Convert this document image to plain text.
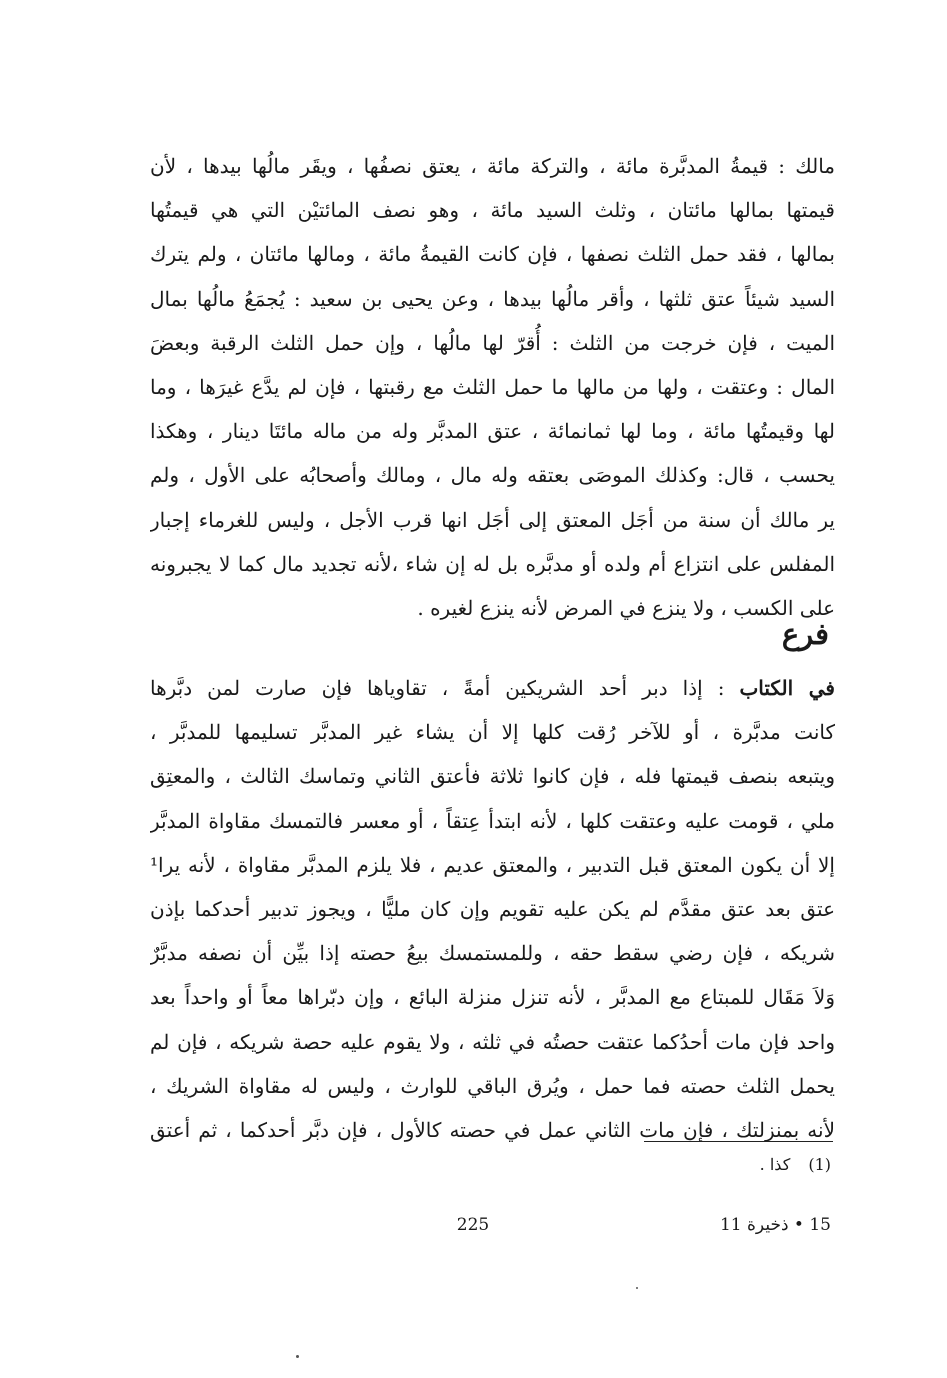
مالك : قيمةُ المدبَّرة مائة ، والتركة مائة ، يعتق نصفُها ، ويقَر مالُها بيدها ، لأن
قيمتها بمالها مائتان ، وثلث السيد مائة ، وهو نصف المائتيْن التي هي قيمتُها
بمالها ، فقد حمل الثلث نصفها ، فإن كانت القيمةُ مائة ، ومالها مائتان ، ولم يترك
السيد شيئاً عتق ثلثها ، وأقر مالُها بيدها ، وعن يحيى بن سعيد : يُجمَعُ مالُها بمال
الميت ، فإن خرجت من الثلث : أُقرّ لها مالُها ، وإن حمل الثلث الرقبة وبعضَ
المال : وعتقت ، ولها من مالها ما حمل الثلث مع رقبتها ، فإن لم يدَّع غيرَها ، وما
لها وقيمتُها مائة ، وما لها ثمانمائة ، عتق المدبَّر وله من ماله مائتَا دينار ، وهكذا
يحسب ، قال: وكذلك الموصَى بعتقه وله مال ، ومالك وأصحابُه على الأول ، ولم
ير مالك أن سنة من أجَل المعتق إلى أجَل انها قرب الأجل ، وليس للغرماء إجبار
المفلس على انتزاع أم ولده أو مدبَّره بل له إن شاء ،لأنه تجديد مال كما لا يجبرونه
على الكسب ، ولا ينزع في المرض لأنه ينزع لغيره .
فرع
في الكتاب : إذا دبر أحد الشريكين أمةً ، تقاوياها فإن صارت لمن دبَّرها
كانت مدبَّرة ، أو للآخر رُقت كلها إلا أن يشاء غير المدبَّر تسليمها للمدبَّر ،
ويتبعه بنصف قيمتها فله ، فإن كانوا ثلاثة فأعتق الثاني وتماسك الثالث ، والمعتِق
ملي ، قومت عليه وعتقت كلها ، لأنه ابتدأ عِتقاً ، أو معسر فالتمسك مقاواة المدبَّر
إلا أن يكون المعتق قبل التدبير ، والمعتق عديم ، فلا يلزم المدبَّر مقاواة ، لأنه يرا¹
عتق بعد عتق مقدَّم لم يكن عليه تقويم وإن كان مليًّا ، ويجوز تدبير أحدكما بإذن
شريكه ، فإن رضي سقط حقه ، وللمستمسك بيعُ حصته إذا بيِّن أن نصفه مدبَّرٌ
وَلاَ مَقَال للمبتاع مع المدبَّر ، لأنه تنزل منزلة البائع ، وإن دبّراها معاً أو واحداً بعد
واحد فإن مات أحدُكما عتقت حصتُه في ثلثه ، ولا يقوم عليه حصة شريكه ، فإن لم
يحمل الثلث حصته فما حمل ، ويُرق الباقي للوارث ، وليس له مقاواة الشريك ،
لأنه بمنزلتك ، فإن مات الثاني عمل في حصته كالأول ، فإن دبَّر أحدكما ، ثم أعتق
(1)كذا .
225	15 • ذخيرة 11
